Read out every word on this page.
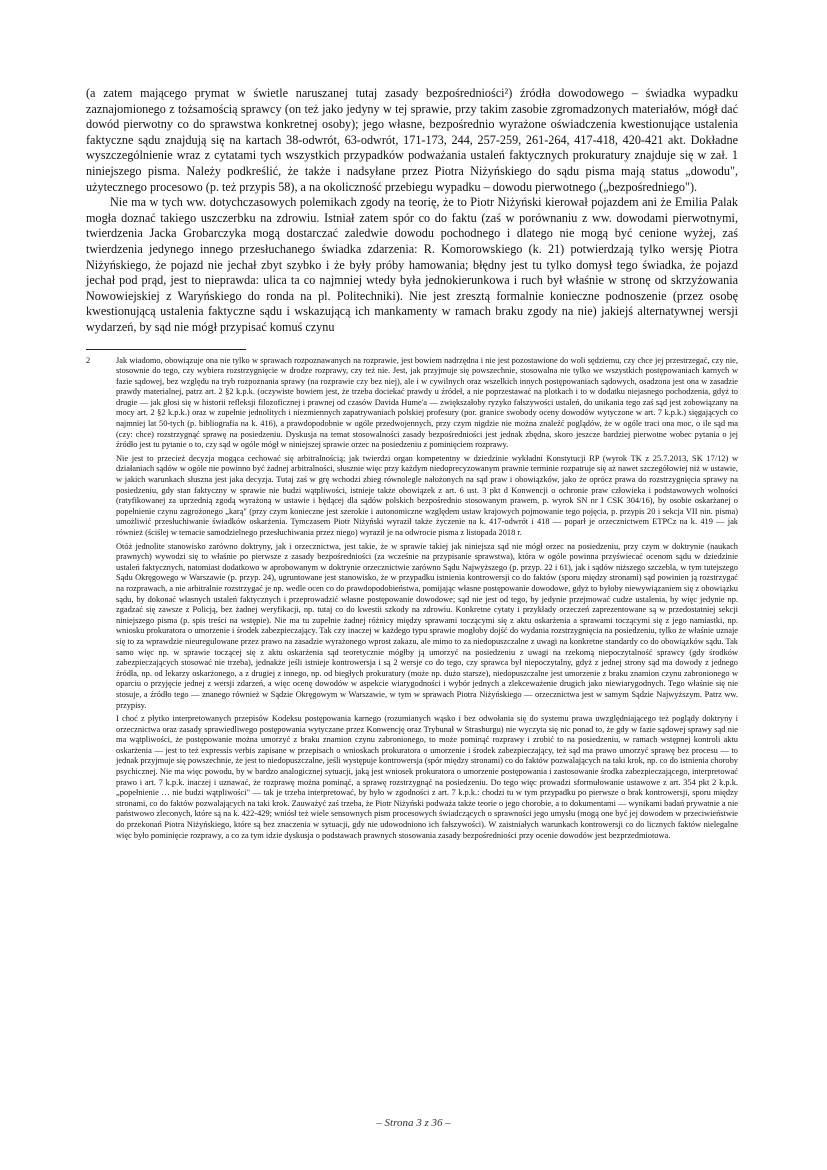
(a zatem mającego prymat w świetle naruszanej tutaj zasady bezpośredniości²) źródła dowodowego – świadka wypadku zaznajomionego z tożsamością sprawcy (on też jako jedyny w tej sprawie, przy takim zasobie zgromadzonych materiałów, mógł dać dowód pierwotny co do sprawstwa konkretnej osoby); jego własne, bezpośrednio wyrażone oświadczenia kwestionujące ustalenia faktyczne sądu znajdują się na kartach 38-odwrót, 63-odwrót, 171-173, 244, 257-259, 261-264, 417-418, 420-421 akt. Dokładne wyszczególnienie wraz z cytatami tych wszystkich przypadków podważania ustaleń faktycznych prokuratury znajduje się w zał. 1 niniejszego pisma. Należy podkreślić, że także i nadsyłane przez Piotra Niżyńskiego do sądu pisma mają status „dowodu", użytecznego procesowo (p. też przypis 58), a na okoliczność przebiegu wypadku – dowodu pierwotnego („bezpośredniego").

Nie ma w tych ww. dotychczasowych polemikach zgody na teorię, że to Piotr Niżyński kierował pojazdem ani że Emilia Palak mogła doznać takiego uszczerbku na zdrowiu. Istniał zatem spór co do faktu (zaś w porównaniu z ww. dowodami pierwotnymi, twierdzenia Jacka Grobarczyka mogą dostarczać zaledwie dowodu pochodnego i dlatego nie mogą być cenione wyżej, zaś twierdzenia jedynego innego przesłuchanego świadka zdarzenia: R. Komorowskiego (k. 21) potwierdzają tylko wersję Piotra Niżyńskiego, że pojazd nie jechał zbyt szybko i że były próby hamowania; błędny jest tu tylko domysł tego świadka, że pojazd jechał pod prąd, jest to nieprawda: ulica ta co najmniej wtedy była jednokierunkowa i ruch był właśnie w stronę od skrzyżowania Nowowiejskiej z Waryńskiego do ronda na pl. Politechniki). Nie jest zresztą formalnie konieczne podnoszenie (przez osobę kwestionującą ustalenia faktyczne sądu i wskazującą ich mankamenty w ramach braku zgody na nie) jakiejś alternatywnej wersji wydarzeń, by sąd nie mógł przypisać komuś czynu

2	Jak wiadomo, obowiązuje ona nie tylko w sprawach rozpoznawanych na rozprawie, jest bowiem nadrzędna i nie jest pozostawione do woli sędziemu, czy chce jej przestrzegać, czy nie, stosownie do tego, czy wybiera rozstrzygnięcie w drodze rozprawy, czy też nie. Jest, jak przyjmuje się powszechnie, stosowalna nie tylko we wszystkich postępowaniach karnych w fazie sądowej, bez względu na tryb rozpoznania sprawy (na rozprawie czy bez niej), ale i w cywilnych oraz wszelkich innych postępowaniach sądowych, osadzona jest ona w zasadzie prawdy materialnej, patrz art. 2 §2 k.p.k. (oczywiste bowiem jest, że trzeba dociekać prawdy u źródeł, a nie poprzestawać na plotkach i to w dodatku niejasnego pochodzenia, gdyż to drugie — jak głosi się w historii refleksji filozoficznej i prawnej od czasów Davida Hume'a — zwiększałoby ryzyko fałszywości ustaleń, do unikania tego zaś sąd jest zobowiązany na mocy art. 2 §2 k.p.k.) oraz w zupełnie jednolitych i niezmiennych zapatrywaniach polskiej profesury (por. granice swobody oceny dowodów wytyczone w art. 7 k.p.k.) sięgających co najmniej lat 50-tych (p. bibliografia na k. 416), a prawdopodobnie w ogóle przedwojennych, przy czym nigdzie nie można znaleźć poglądów, że w ogóle traci ona moc, o ile sąd ma (czy: chce) rozstrzygnąć sprawę na posiedzeniu. Dyskusja na temat stosowalności zasady bezpośredniości jest jednak zbędna, skoro jeszcze bardziej pierwotne wobec pytania o jej źródło jest tu pytanie o to, czy sąd w ogóle mógł w niniejszej sprawie orzec na posiedzeniu z pominięciem rozprawy.

Nie jest to przecież decyzja mogąca cechować się arbitralnością; jak twierdzi organ kompetentny w dziedzinie wykładni Konstytucji RP (wyrok TK z 25.7.2013, SK 17/12) w działaniach sądów w ogóle nie powinno być żadnej arbitralności, słusznie więc przy każdym niedoprecyzowanym prawnie terminie rozpatruje się aż nawet szczegółowiej niż w ustawie, w jakich warunkach słuszna jest jaka decyzja. Tutaj zaś w grę wchodzi zbieg równolegle nałożonych na sąd praw i obowiązków, jako że oprócz prawa do rozstrzygnięcia sprawy na posiedzeniu, gdy stan faktyczny w sprawie nie budzi wątpliwości, istnieje także obowiązek z art. 6 ust. 3 pkt d Konwencji o ochronie praw człowieka i podstawowych wolności (ratyfikowanej za uprzednią zgodą wyrażoną w ustawie i będącej dla sądów polskich bezpośrednio stosowanym prawem, p. wyrok SN nr I CSK 304/16), by osobie oskarżanej o popełnienie czynu zagrożonego „karą" (przy czym konieczne jest szerokie i autonomiczne względem ustaw krajowych pojmowanie tego pojęcia, p. przypis 20 i sekcja VII nin. pisma) umożliwić przesłuchiwanie świadków oskarżenia. Tymczasem Piotr Niżyński wyraził także życzenie na k. 417-odwrót i 418 — poparł je orzecznictwem ETPCz na k. 419 — jak również (ściślej w temacie samodzielnego przesłuchiwania przez niego) wyraził je na odwrocie pisma z listopada 2018 r.

Otóż jednolite stanowisko zarówno doktryny, jak i orzecznictwa, jest takie, że w sprawie takiej jak niniejsza sąd nie mógł orzec na posiedzeniu, przy czym w doktrynie (naukach prawnych) wywodzi się to właśnie po pierwsze z zasady bezpośredniości (za wcześnie na przypisanie sprawstwa), która w ogóle powinna przyświecać ocenom sądu w dziedzinie ustaleń faktycznych, natomiast dodatkowo w aprobowanym w doktrynie orzecznictwie zarówno Sądu Najwyższego (p. przyp. 22 i 61), jak i sądów niższego szczebla, w tym tutejszego Sądu Okręgowego w Warszawie (p. przyp. 24), ugruntowane jest stanowisko, że w przypadku istnienia kontrowersji co do faktów (sporu między stronami) sąd powinien ją rozstrzygać na rozprawach, a nie arbitralnie rozstrzygać je np. wedle ocen co do prawdopodobieństwa, pomijając własne postępowanie dowodowe, gdyż to byłoby niewywiązaniem się z obowiązku sądu, by dokonać własnych ustaleń faktycznych i przeprowadzić własne postępowanie dowodowe; sąd nie jest od tego, by jedynie przejmować cudze ustalenia, by więc jedynie np. zgadzać się zawsze z Policją, bez żadnej weryfikacji, np. tutaj co do kwestii szkody na zdrowiu. Konkretne cytaty i przykłady orzeczeń zaprezentowane są w przedostatniej sekcji niniejszego pisma (p. spis treści na wstępie). Nie ma tu zupełnie żadnej różnicy między sprawami toczącymi się z aktu oskarżenia a sprawami toczącymi się z jego namiastki, np. wniosku prokuratora o umorzenie i środek zabezpieczający. Tak czy inaczej w każdego typu sprawie mogłoby dojść do wydania rozstrzygnięcia na posiedzeniu, tylko że właśnie uznaje się to za wprawdzie nieuregulowane przez prawo na zasadzie wyrażonego wprost zakazu, ale mimo to za niedopuszczalne z uwagi na konkretne standardy co do obowiązków sądu. Tak samo więc np. w sprawie toczącej się z aktu oskarżenia sąd teoretycznie mógłby ją umorzyć na posiedzeniu z uwagi na rzekomą niepoczytalność sprawcy (gdy środków zabezpieczających stosować nie trzeba), jednakże jeśli istnieje kontrowersja i są 2 wersje co do tego, czy sprawca był niepoczytalny, gdyż z jednej strony sąd ma dowody z jednego źródła, np. od lekarzy oskarżonego, a z drugiej z innego, np. od biegłych prokuratury (może np. dużo starsze), niedopuszczalne jest umorzenie z braku znamion czynu zabronionego w oparciu o przyjęcie jednej z wersji zdarzeń, a więc ocenę dowodów w aspekcie wiarygodności i wybór jednych a zlekceważenie drugich jako niewiarygodnych. Tego właśnie się nie stosuje, a źródło tego — znanego również w Sądzie Okręgowym w Warszawie, w tym w sprawach Piotra Niżyńskiego — orzecznictwa jest w samym Sądzie Najwyższym. Patrz ww. przypisy.

I choć z płytko interpretowanych przepisów Kodeksu postępowania karnego (rozumianych wąsko i bez odwołania się do systemu prawa uwzględniającego też poglądy doktryny i orzecznictwa oraz zasady sprawiedliwego postępowania wytyczane przez Konwencję oraz Trybunał w Strasburgu) nie wyczyta się nic ponad to, że gdy w fazie sądowej sprawy sąd nie ma wątpliwości, że postępowanie można umorzyć z braku znamion czynu zabronionego, to może pominąć rozprawy i zrobić to na posiedzeniu, w ramach wstępnej kontroli aktu oskarżenia — jest to też expressis verbis zapisane w przepisach o wnioskach prokuratora o umorzenie i środek zabezpieczający, też sąd ma prawo umorzyć sprawę bez procesu — to jednak przyjmuje się powszechnie, że jest to niedopuszczalne, jeśli występuje kontrowersja (spór między stronami) co do faktów pozwalających na taki krok, np. co do istnienia choroby psychicznej. Nie ma więc powodu, by w bardzo analogicznej sytuacji, jaką jest wniosek prokuratora o umorzenie postępowania i zastosowanie środka zabezpieczającego, interpretować prawo i art. 7 k.p.k. inaczej i uznawać, że rozprawę można pominąć, a sprawę rozstrzygnąć na posiedzeniu. Do tego więc prowadzi sformułowanie ustawowe z art. 354 pkt 2 k.p.k. „popełnienie … nie budzi wątpliwości" — tak je trzeba interpretować, by było w zgodności z art. 7 k.p.k.: chodzi tu w tym przypadku po pierwsze o brak kontrowersji, sporu między stronami, co do faktów pozwalających na taki krok. Zauważyć zaś trzeba, że Piotr Niżyński podważa także teorie o jego chorobie, a to dokumentami — wynikami badań prywatnie a nie państwowo zleconych, które są na k. 422-429; wniósł też wiele sensownych pism procesowych świadczących o sprawności jego umysłu (mogą one być jej dowodem w przeciwieństwie do przekonań Piotra Niżyńskiego, które są bez znaczenia w sytuacji, gdy nie udowodniono ich fałszywości). W zaistniałych warunkach kontrowersji co do licznych faktów nielegalne więc było pominięcie rozprawy, a co za tym idzie dyskusja o podstawach prawnych stosowania zasady bezpośredniości przy ocenie dowodów jest bezprzedmiotowa.

– Strona 3 z 36 –
